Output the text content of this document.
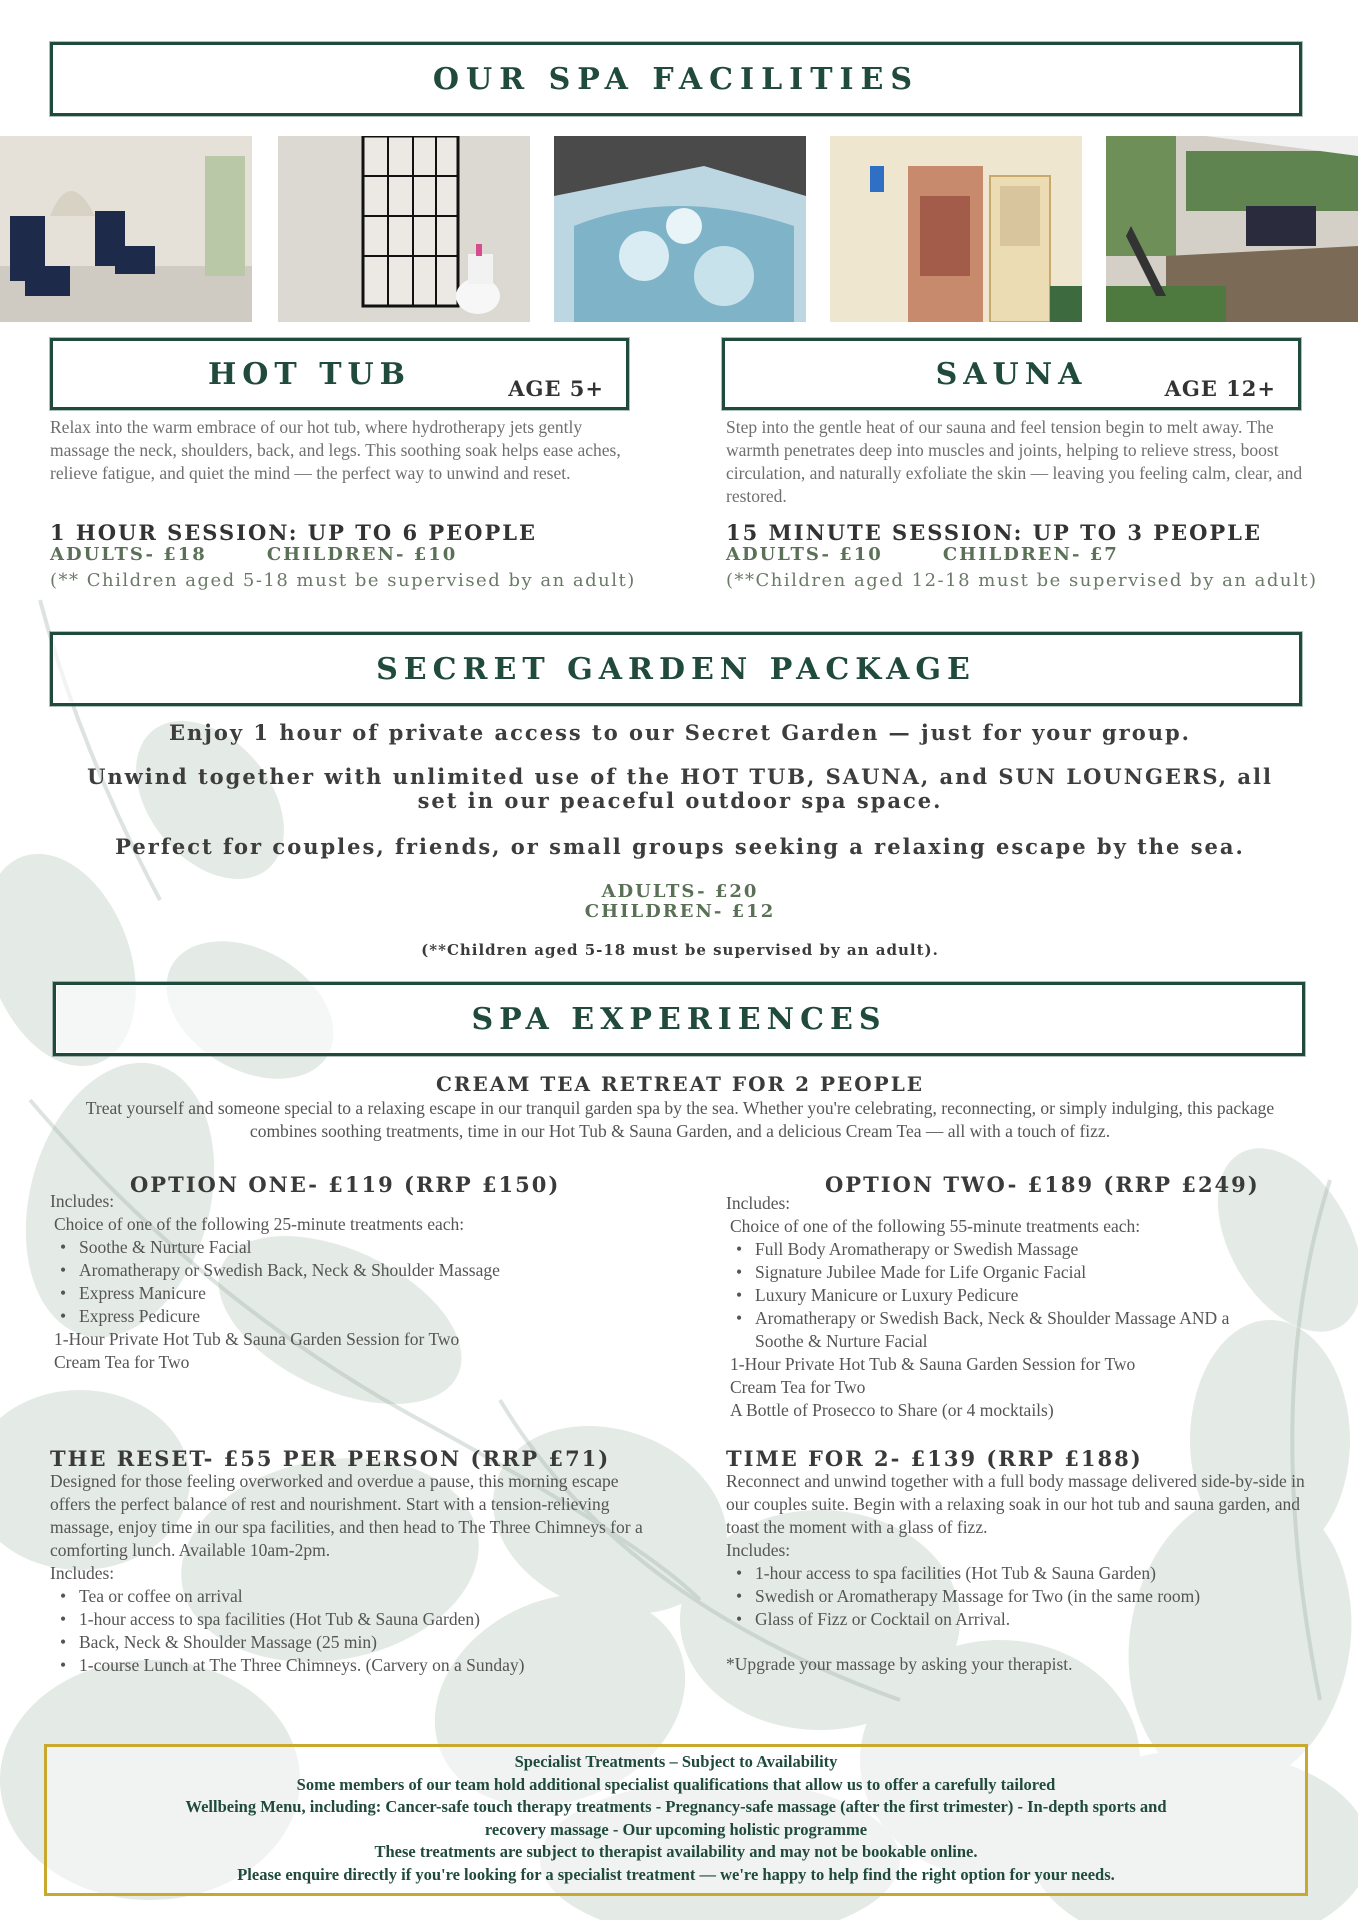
OUR SPA FACILITIES
HOT TUB	AGE 5+

Relax into the warm embrace of our hot tub, where hydrotherapy jets gently massage the neck, shoulders, back, and legs. This soothing soak helps ease aches, relieve fatigue, and quiet the mind — the perfect way to unwind and reset.

1 HOUR SESSION: UP TO 6 PEOPLE
ADULTS- £18	CHILDREN- £10
(** Children aged 5-18 must be supervised by an adult)
SAUNA	AGE 12+

Step into the gentle heat of our sauna and feel tension begin to melt away. The warmth penetrates deep into muscles and joints, helping to relieve stress, boost circulation, and naturally exfoliate the skin — leaving you feeling calm, clear, and restored.

15 MINUTE SESSION: UP TO 3 PEOPLE
ADULTS- £10	CHILDREN- £7
(**Children aged 12-18 must be supervised by an adult)
SECRET GARDEN PACKAGE
Enjoy 1 hour of private access to our Secret Garden — just for your group.
Unwind together with unlimited use of the HOT TUB, SAUNA, and SUN LOUNGERS, all set in our peaceful outdoor spa space.
Perfect for couples, friends, or small groups seeking a relaxing escape by the sea.
ADULTS- £20
CHILDREN- £12
(**Children aged 5-18 must be supervised by an adult).
SPA EXPERIENCES
CREAM TEA RETREAT FOR 2 PEOPLE
Treat yourself and someone special to a relaxing escape in our tranquil garden spa by the sea. Whether you're celebrating, reconnecting, or simply indulging, this package combines soothing treatments, time in our Hot Tub & Sauna Garden, and a delicious Cream Tea — all with a touch of fizz.
OPTION ONE- £119 (RRP £150)
Includes:
Choice of one of the following 25-minute treatments each:
• Soothe & Nurture Facial
• Aromatherapy or Swedish Back, Neck & Shoulder Massage
• Express Manicure
• Express Pedicure
1-Hour Private Hot Tub & Sauna Garden Session for Two
Cream Tea for Two
OPTION TWO- £189 (RRP £249)
Includes:
Choice of one of the following 55-minute treatments each:
• Full Body Aromatherapy or Swedish Massage
• Signature Jubilee Made for Life Organic Facial
• Luxury Manicure or Luxury Pedicure
• Aromatherapy or Swedish Back, Neck & Shoulder Massage AND a Soothe & Nurture Facial
1-Hour Private Hot Tub & Sauna Garden Session for Two
Cream Tea for Two
A Bottle of Prosecco to Share (or 4 mocktails)
THE RESET- £55 PER PERSON (RRP £71)

Designed for those feeling overworked and overdue a pause, this morning escape offers the perfect balance of rest and nourishment. Start with a tension-relieving massage, enjoy time in our spa facilities, and then head to The Three Chimneys for a comforting lunch. Available 10am-2pm.

Includes:
• Tea or coffee on arrival
• 1-hour access to spa facilities (Hot Tub & Sauna Garden)
• Back, Neck & Shoulder Massage (25 min)
• 1-course Lunch at The Three Chimneys. (Carvery on a Sunday)
TIME FOR 2- £139 (RRP £188)

Reconnect and unwind together with a full body massage delivered side-by-side in our couples suite. Begin with a relaxing soak in our hot tub and sauna garden, and toast the moment with a glass of fizz.

Includes:
• 1-hour access to spa facilities (Hot Tub & Sauna Garden)
• Swedish or Aromatherapy Massage for Two (in the same room)
• Glass of Fizz or Cocktail on Arrival.
*Upgrade your massage by asking your therapist.
Specialist Treatments – Subject to Availability
Some members of our team hold additional specialist qualifications that allow us to offer a carefully tailored
Wellbeing Menu, including: Cancer-safe touch therapy treatments - Pregnancy-safe massage (after the first trimester) - In-depth sports and
recovery massage - Our upcoming holistic programme
These treatments are subject to therapist availability and may not be bookable online.
Please enquire directly if you're looking for a specialist treatment — we're happy to help find the right option for your needs.
